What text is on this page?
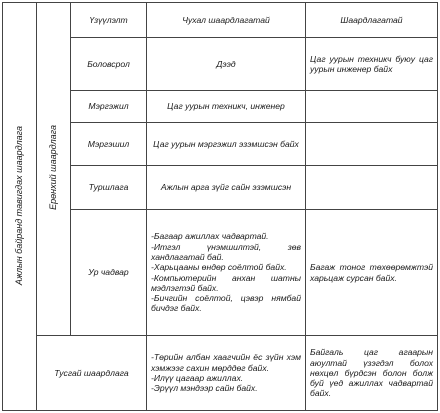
Ажлын байранд тавигдах шаардлага	Ерөнхий шаардлага	Үзүүлэлт	Чухал шаардлагатай	Шаардлагатай
		Боловсрол	Дээд	Цаг уурын техникч буюу цаг уурын инженер байх
		Мэргэжил	Цаг уурын техникч, инженер	
		Мэргэшил	Цаг уурын мэргэжил эзэмшсэн байх	
		Туршлага	Ажлын арга зүйг сайн эзэмшсэн	
		Ур чадвар	-Багаар ажиллах чадвартай.
-Итгэл үнэмшилтэй, зөв хандлагатай бай.
-Харьцааны өндөр соёлтой байх.
-Компьютерийн анхан шатны мэдлэгтэй байх.
-Бичгийн соёлтой, цэвэр нямбай бичдэг байх.	Багаж тоног төхөөрөмжтэй харьцаж сурсан байх.
	Тусгай шаардлага		-Төрийн албан хаагчийн ёс зүйн хэм хэмжээг сахин мөрддөг байх.
-Илүү цагаар ажиллах.
-Эрүүл мэндээр сайн байх.	Байгаль цаг агаарын аюултай үзэгдэл болох нөхцөл бүрдсэн болон болж буй үед ажиллах чадвартай байх.
